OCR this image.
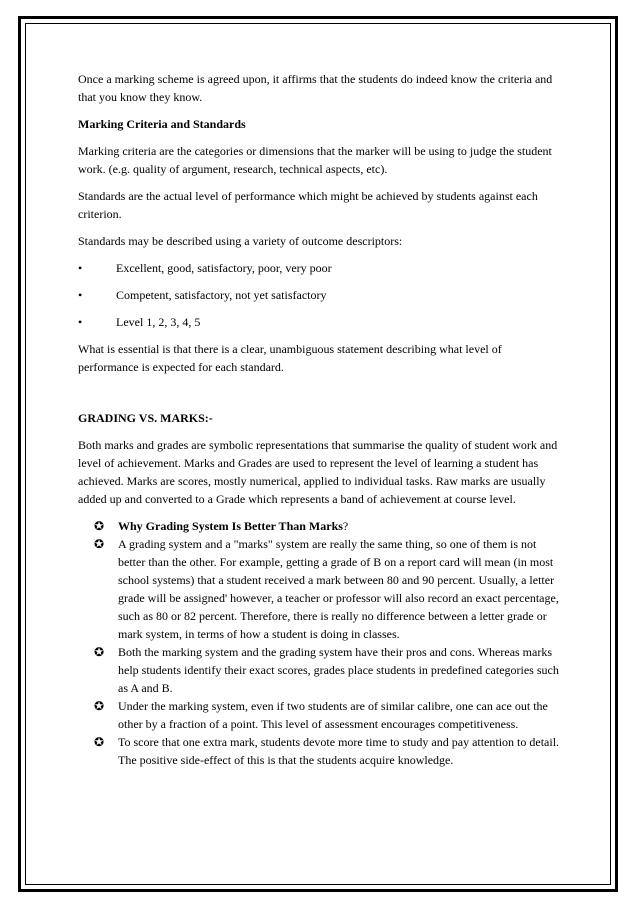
Once a marking scheme is agreed upon, it affirms that the students do indeed know the criteria and that you know they know.

Marking Criteria and Standards

Marking criteria are the categories or dimensions that the marker will be using to judge the student work. (e.g. quality of argument, research, technical aspects, etc).

Standards are the actual level of performance which might be achieved by students against each criterion.

Standards may be described using a variety of outcome descriptors:

•	Excellent, good, satisfactory, poor, very poor
•	Competent, satisfactory, not yet satisfactory
•	Level 1, 2, 3, 4, 5

What is essential is that there is a clear, unambiguous statement describing what level of performance is expected for each standard.

GRADING VS. MARKS:-

Both marks and grades are symbolic representations that summarise the quality of student work and level of achievement. Marks and Grades are used to represent the level of learning a student has achieved. Marks are scores, mostly numerical, applied to individual tasks. Raw marks are usually added up and converted to a Grade which represents a band of achievement at course level.

✪	Why Grading System Is Better Than Marks?
✪	A grading system and a "marks" system are really the same thing, so one of them is not better than the other. For example, getting a grade of B on a report card will mean (in most school systems) that a student received a mark between 80 and 90 percent. Usually, a letter grade will be assigned' however, a teacher or professor will also record an exact percentage, such as 80 or 82 percent. Therefore, there is really no difference between a letter grade or mark system, in terms of how a student is doing in classes.
✪	Both the marking system and the grading system have their pros and cons. Whereas marks help students identify their exact scores, grades place students in predefined categories such as A and B.
✪	Under the marking system, even if two students are of similar calibre, one can ace out the other by a fraction of a point. This level of assessment encourages competitiveness.
✪	To score that one extra mark, students devote more time to study and pay attention to detail. The positive side-effect of this is that the students acquire knowledge.
